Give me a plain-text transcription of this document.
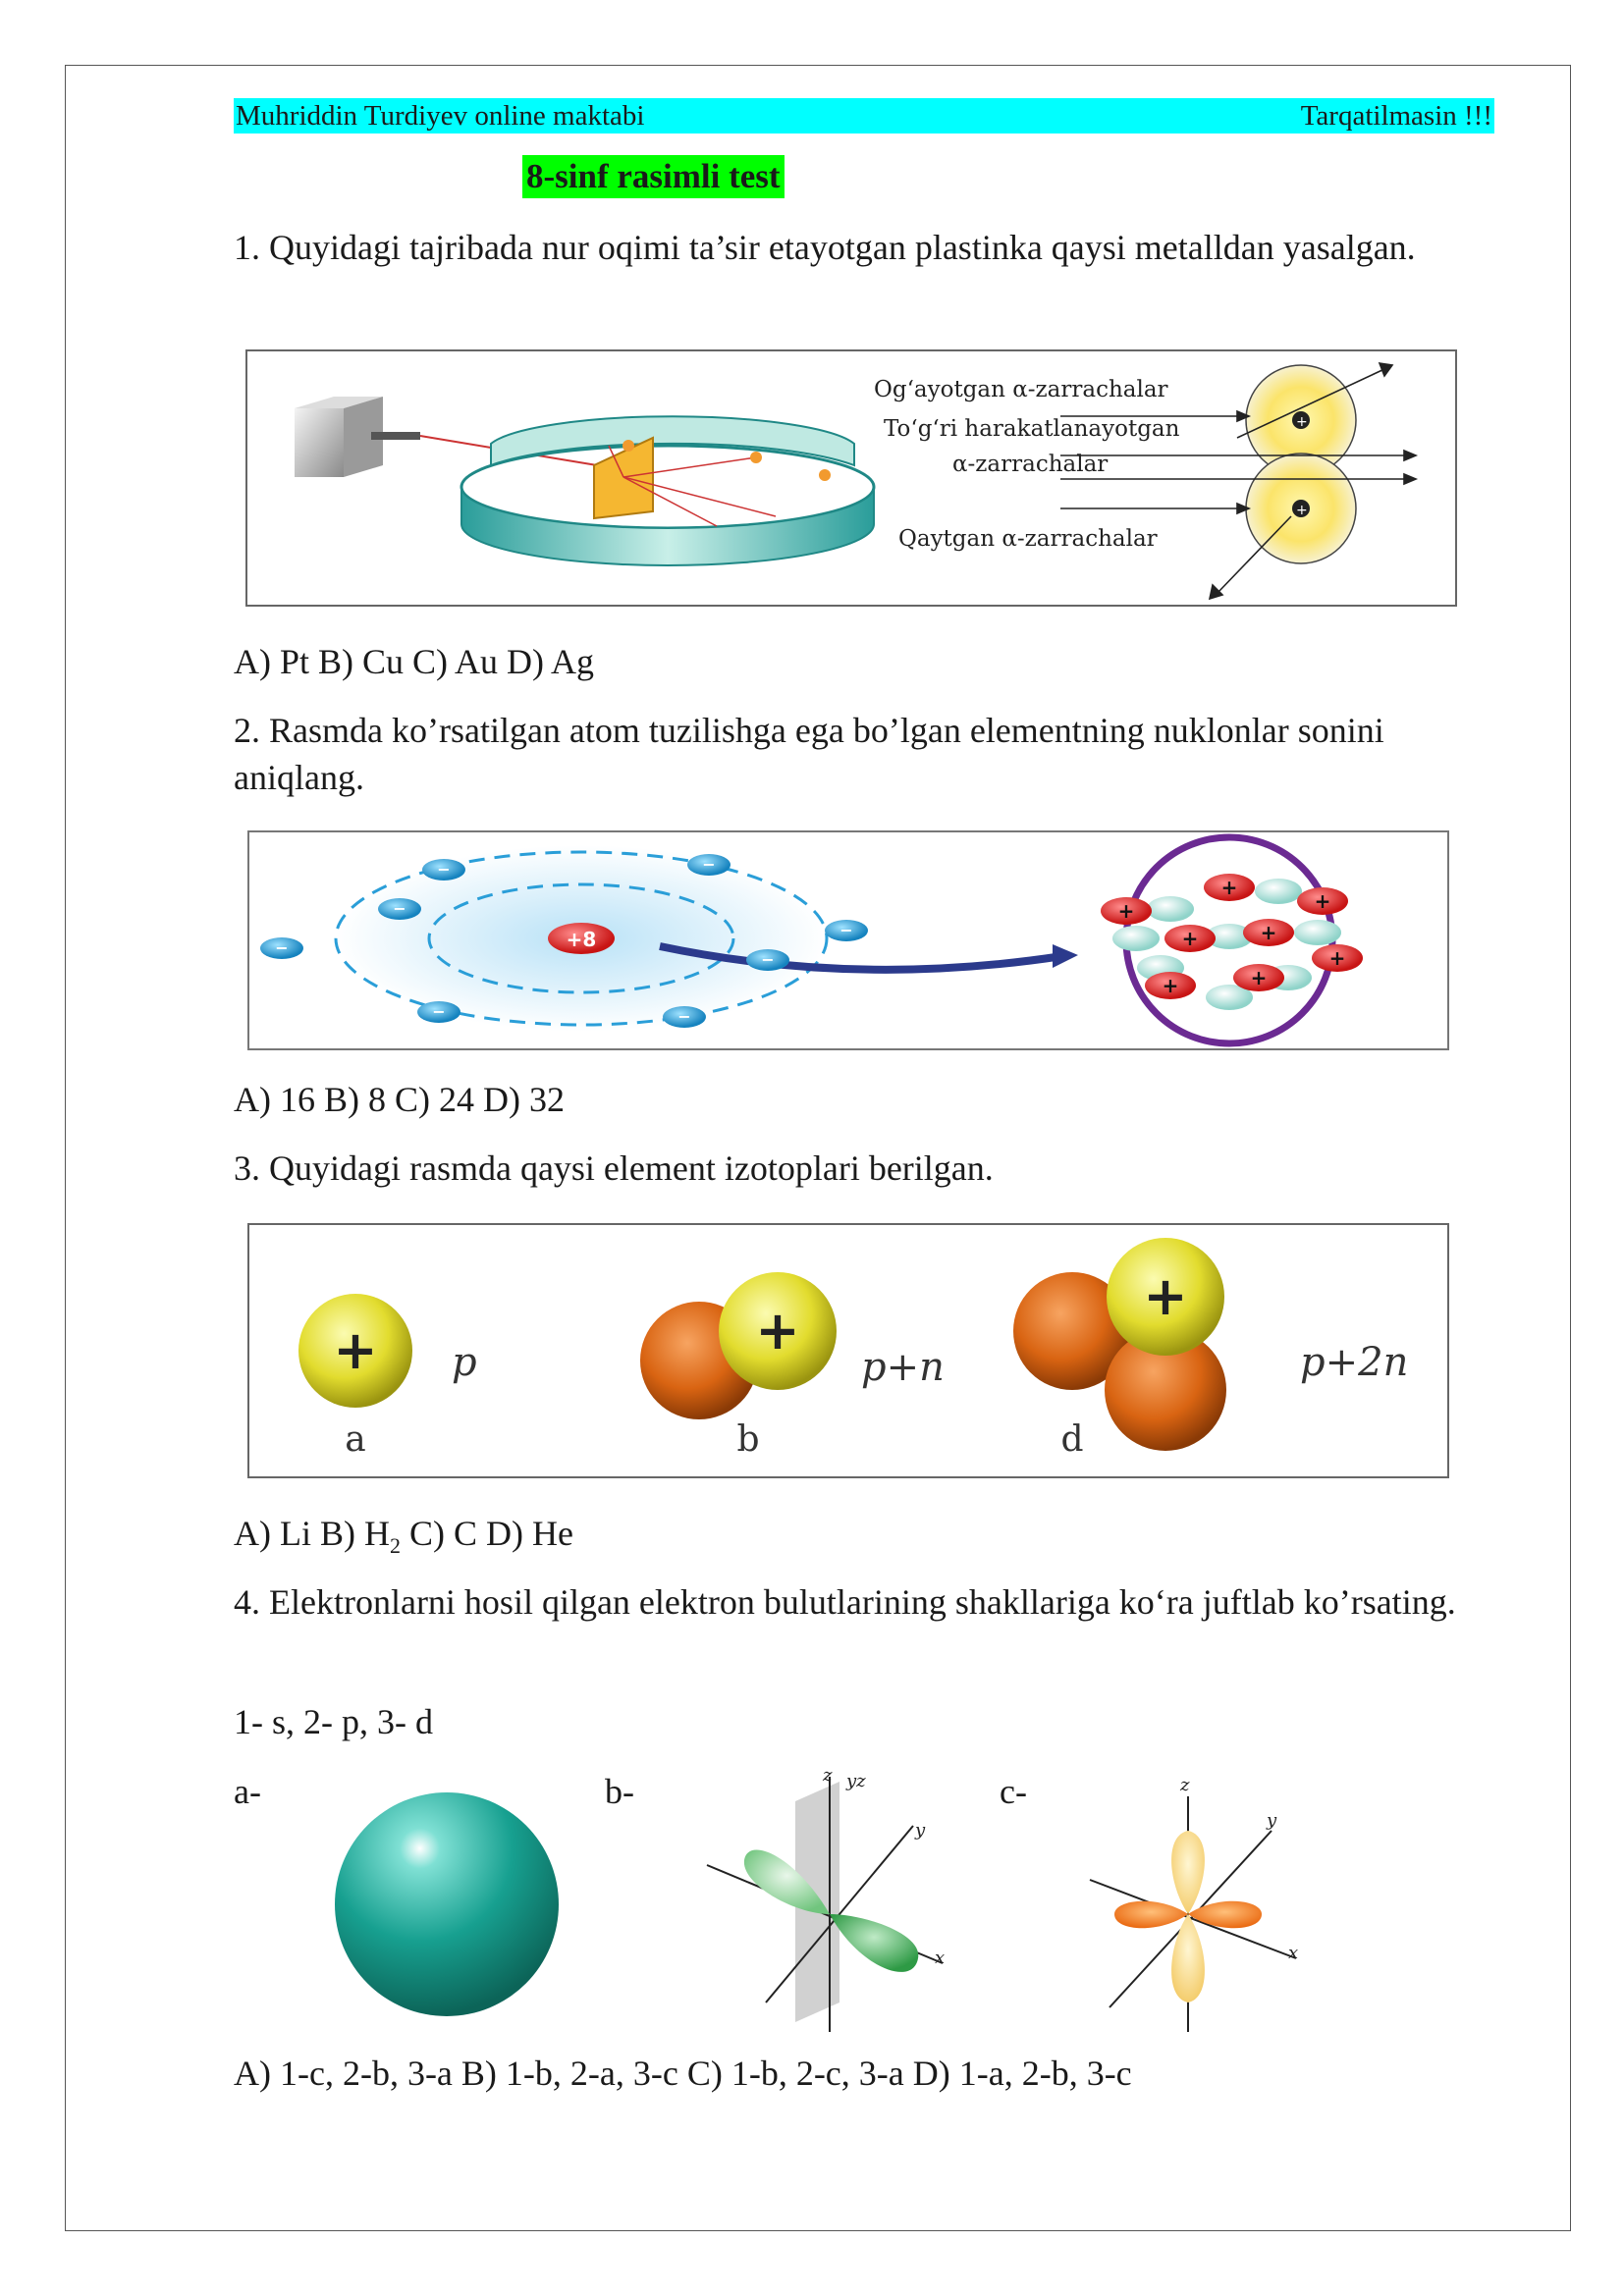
Muhriddin Turdiyev online maktabi	Tarqatilmasin !!!
8-sinf rasimli test
1. Quyidagi tajribada nur oqimi ta’sir etayotgan plastinka qaysi metalldan yasalgan.
Og‘ayotgan α-zarrachalar
To‘g‘ri harakatlanayotgan
α-zarrachalar
Qaytgan α-zarrachalar
+
+
A) Pt B) Cu C) Au D) Ag
2. Rasmda ko’rsatilgan atom tuzilishga ega bo’lgan elementning nuklonlar sonini aniqlang.
+8
−	−
−
−
−
−
−	−
+
+
+	+
+
+
+
+
A) 16 B) 8 C) 24 D) 32
3. Quyidagi rasmda qaysi element izotoplari berilgan.
+ p
a
+
p+n
b
+
p+2n
d
A) Li B) $H_2$ C) C D) He
4. Elektronlarni hosil qilgan elektron bulutlarining shakllariga ko‘ra juftlab ko’rsating.
1- s, 2- p, 3- d
a-	b-	c-
z yz
y
x
z
y
x
A) 1-c, 2-b, 3-a B) 1-b, 2-a, 3-c C) 1-b, 2-c, 3-a D) 1-a, 2-b, 3-c
